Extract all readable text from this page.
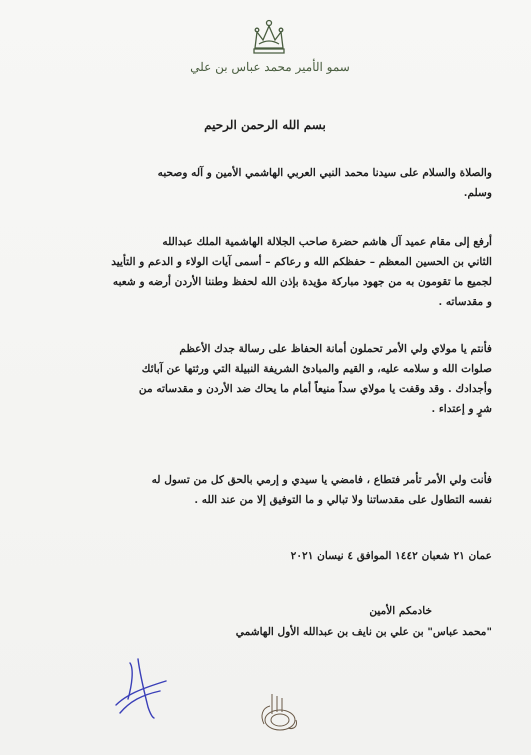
سمو الأمير محمد عباس بن علي
بسم الله الرحمن الرحيم
والصلاة والسلام على سيدنا محمد النبي العربي الهاشمي الأمين و آله وصحبه
وسلم.
أرفع إلى مقام عميد آل هاشم حضرة صاحب الجلالة الهاشمية الملك عبدالله
الثاني بن الحسين المعظم – حفظكم الله و رعاكم – أسمى آيات الولاء و الدعم و التأييد
لجميع ما تقومون به من جهود مباركة مؤيدة بإذن الله لحفظ وطننا الأردن أرضه و شعبه
و مقدساته .
فأنتم يا مولاي ولي الأمر تحملون أمانة الحفاظ على رسالة جدك الأعظم
صلوات الله و سلامه عليه، و القيم والمبادئ الشريفة النبيلة التي ورثتها عن آبائك
وأجدادك . وقد وقفت يا مولاي سداً منيعاً أمام ما يحاك ضد الأردن و مقدساته من
شرٍ و إعتداء .
فأنت ولي الأمر تأمر فتطاع ، فامضي يا سيدي و إرمي بالحق كل من تسول له
نفسه التطاول على مقدساتنا ولا تبالي و ما التوفيق إلا من عند الله .
عمان ٢١ شعبان ١٤٤٢ الموافق ٤ نيسان ٢٠٢١
خادمكم الأمين
"محمد عباس" بن علي بن نايف بن عبدالله الأول الهاشمي
